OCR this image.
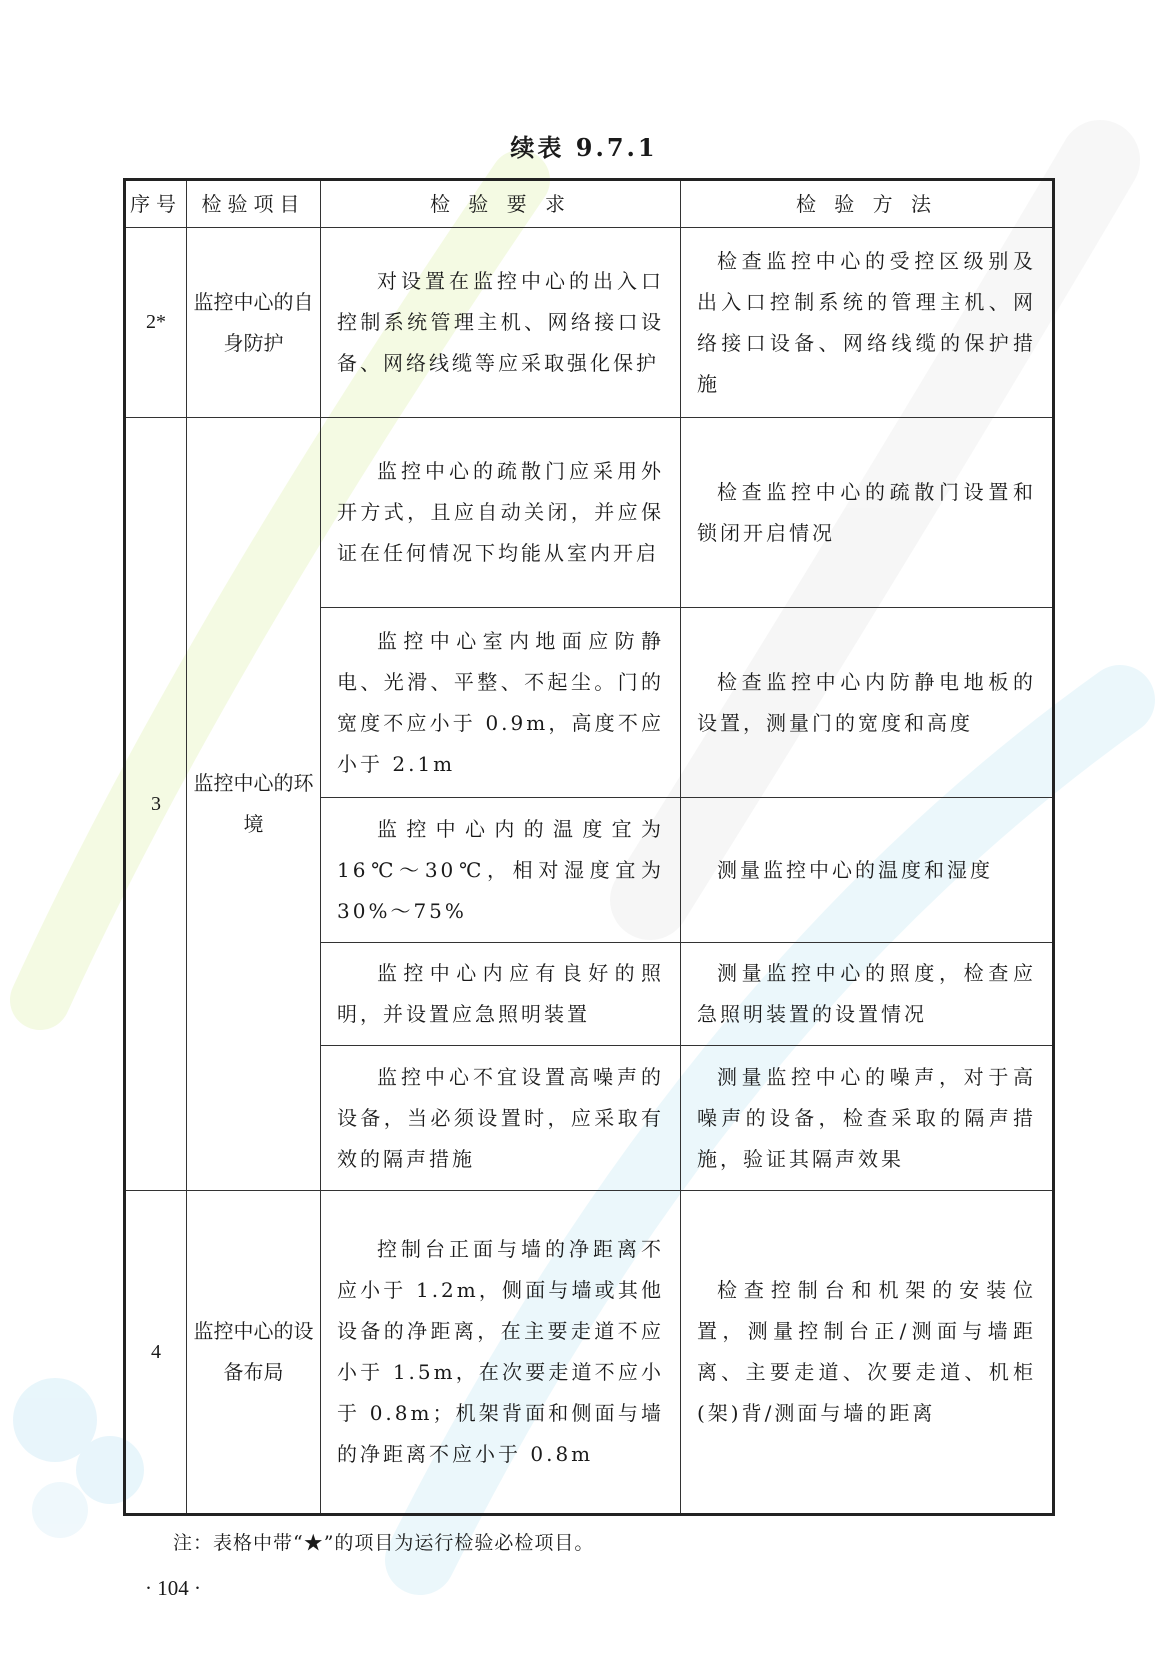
续表 9.7.1
序号	检验项目	检 验 要 求	检 验 方 法
2*	监控中心的自身防护	对设置在监控中心的出入口控制系统管理主机、网络接口设备、网络线缆等应采取强化保护	检查监控中心的受控区级别及出入口控制系统的管理主机、网络接口设备、网络线缆的保护措施

3	监控中心的环境	监控中心的疏散门应采用外开方式，且应自动关闭，并应保证在任何情况下均能从室内开启	检查监控中心的疏散门设置和锁闭开启情况

		监控中心室内地面应防静电、光滑、平整、不起尘。门的宽度不应小于 0.9m，高度不应小于 2.1m	检查监控中心内防静电地板的设置，测量门的宽度和高度

		监控中心内的温度宜为 16℃～30℃，相对湿度宜为 30%～75%	测量监控中心的温度和湿度

		监控中心内应有良好的照明，并设置应急照明装置	测量监控中心的照度，检查应急照明装置的设置情况

		监控中心不宜设置高噪声的设备，当必须设置时，应采取有效的隔声措施	测量监控中心的噪声，对于高噪声的设备，检查采取的隔声措施，验证其隔声效果

4	监控中心的设备布局	控制台正面与墙的净距离不应小于 1.2m，侧面与墙或其他设备的净距离，在主要走道不应小于 1.5m，在次要走道不应小于 0.8m；机架背面和侧面与墙的净距离不应小于 0.8m	检查控制台和机架的安装位置，测量控制台正/测面与墙距离、主要走道、次要走道、机柜(架)背/测面与墙的距离
注：表格中带“★”的项目为运行检验必检项目。
· 104 ·
